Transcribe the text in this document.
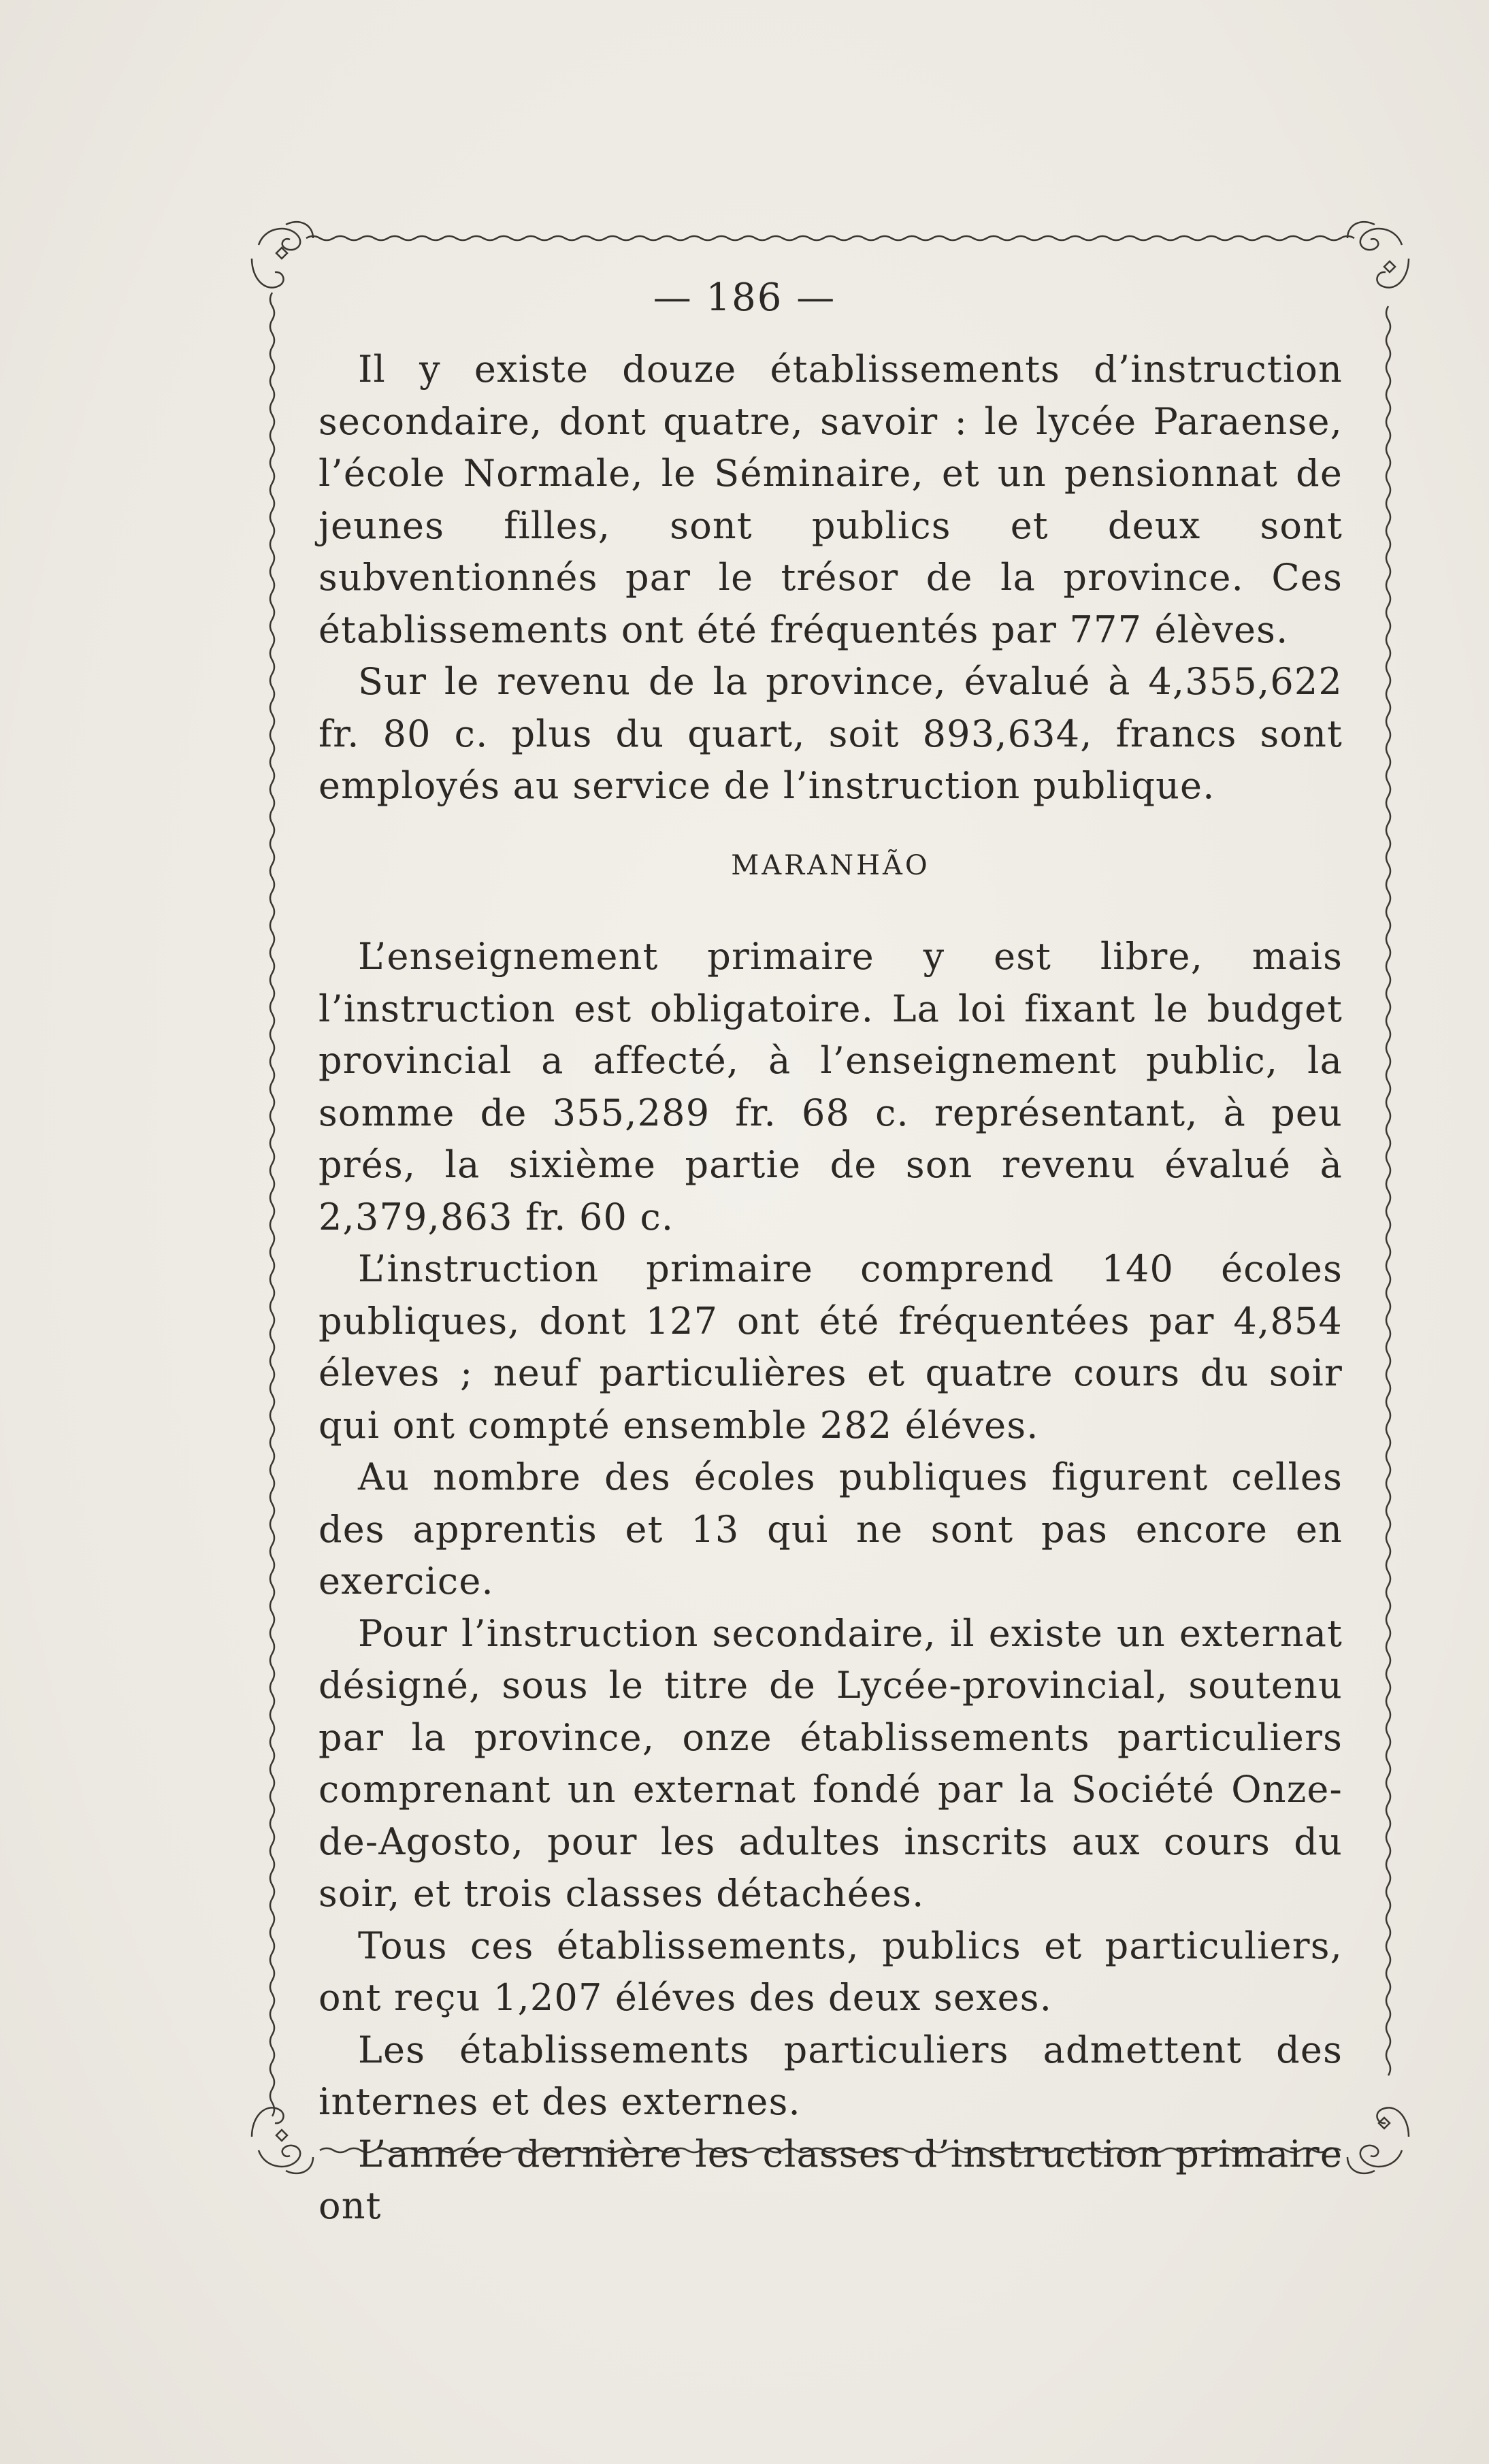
— 186 —

Il y existe douze établissements d’instruction secondaire, dont quatre, savoir : le lycée Paraense, l’école Normale, le Séminaire, et un pensionnat de jeunes filles, sont publics et deux sont subventionnés par le trésor de la province. Ces établissements ont été fréquentés par 777 élèves.

Sur le revenu de la province, évalué à 4,355,622 fr. 80 c. plus du quart, soit 893,634, francs sont employés au service de l’instruction publique.

MARANHÃO

L’enseignement primaire y est libre, mais l’instruction est obligatoire. La loi fixant le budget provincial a affecté, à l’enseignement public, la somme de 355,289 fr. 68 c. représentant, à peu prés, la sixième partie de son revenu évalué à 2,379,863 fr. 60 c.

L’instruction primaire comprend 140 écoles publiques, dont 127 ont été fréquentées par 4,854 éleves ; neuf particulières et quatre cours du soir qui ont compté ensemble 282 éléves.

Au nombre des écoles publiques figurent celles des apprentis et 13 qui ne sont pas encore en exercice.

Pour l’instruction secondaire, il existe un externat désigné, sous le titre de Lycée-provincial, soutenu par la province, onze établissements particuliers comprenant un externat fondé par la Société Onze-de-Agosto, pour les adultes inscrits aux cours du soir, et trois classes détachées.

Tous ces établissements, publics et particuliers, ont reçu 1,207 éléves des deux sexes.

Les établissements particuliers admettent des internes et des externes.

L’année dernière les classes d’instruction primaire ont
